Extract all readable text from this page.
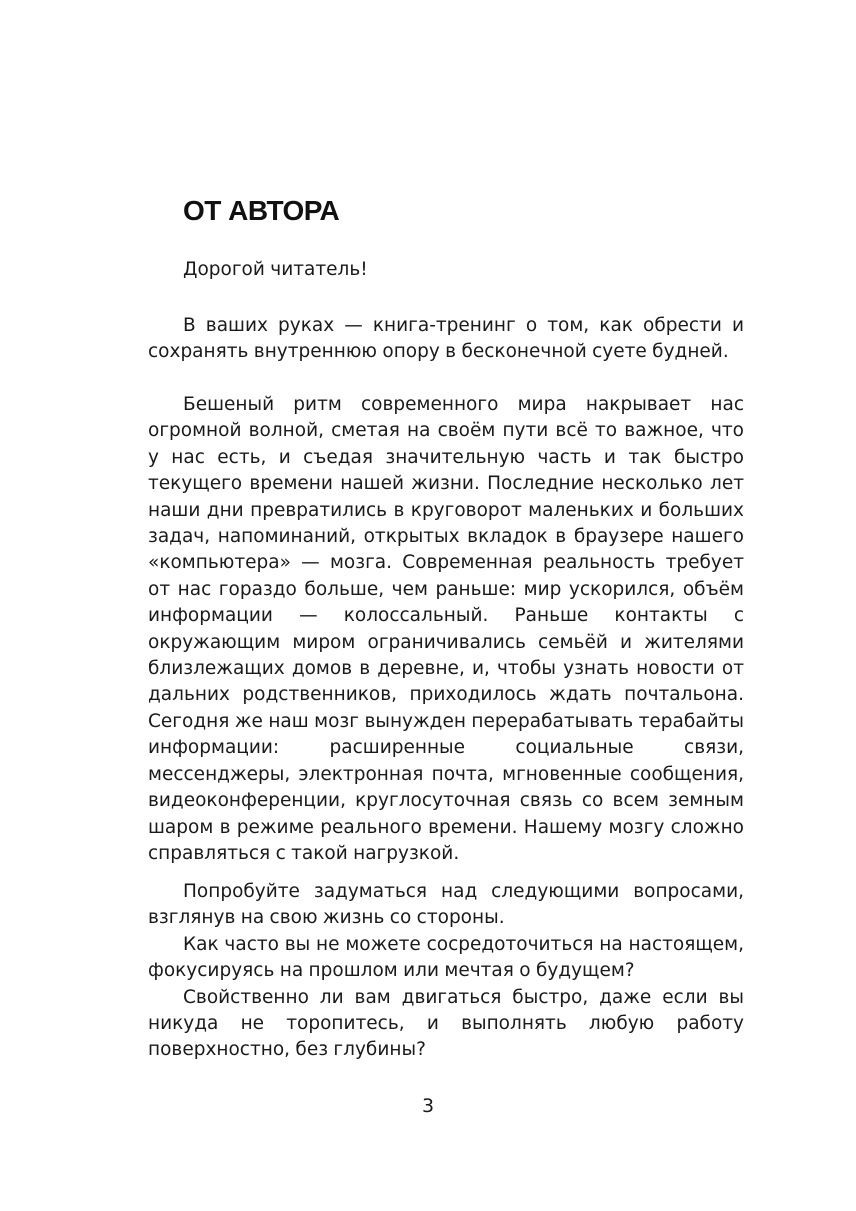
ОТ АВТОРА

Дорогой читатель!

В ваших руках — книга-тренинг о том, как обрести и сохранять внутреннюю опору в бесконечной суете будней.

Бешеный ритм современного мира накрывает нас огромной волной, сметая на своём пути всё то важное, что у нас есть, и съедая значительную часть и так быстро текущего времени нашей жизни. Последние несколько лет наши дни превратились в круговорот маленьких и больших задач, напоминаний, открытых вкладок в браузере нашего «компьютера» — мозга. Современная реальность требует от нас гораздо больше, чем раньше: мир ускорился, объём информации — колоссальный. Раньше контакты с окружающим миром ограничивались семьёй и жителями близлежащих домов в деревне, и, чтобы узнать новости от дальних родственников, приходилось ждать почтальона. Сегодня же наш мозг вынужден перерабатывать терабайты информации: расширенные социальные связи, мессенджеры, электронная почта, мгновенные сообщения, видеоконференции, круглосуточная связь со всем земным шаром в режиме реального времени. Нашему мозгу сложно справляться с такой нагрузкой.

Попробуйте задуматься над следующими вопросами, взглянув на свою жизнь со стороны.

Как часто вы не можете сосредоточиться на настоящем, фокусируясь на прошлом или мечтая о будущем?

Свойственно ли вам двигаться быстро, даже если вы никуда не торопитесь, и выполнять любую работу поверхностно, без глубины?

3
